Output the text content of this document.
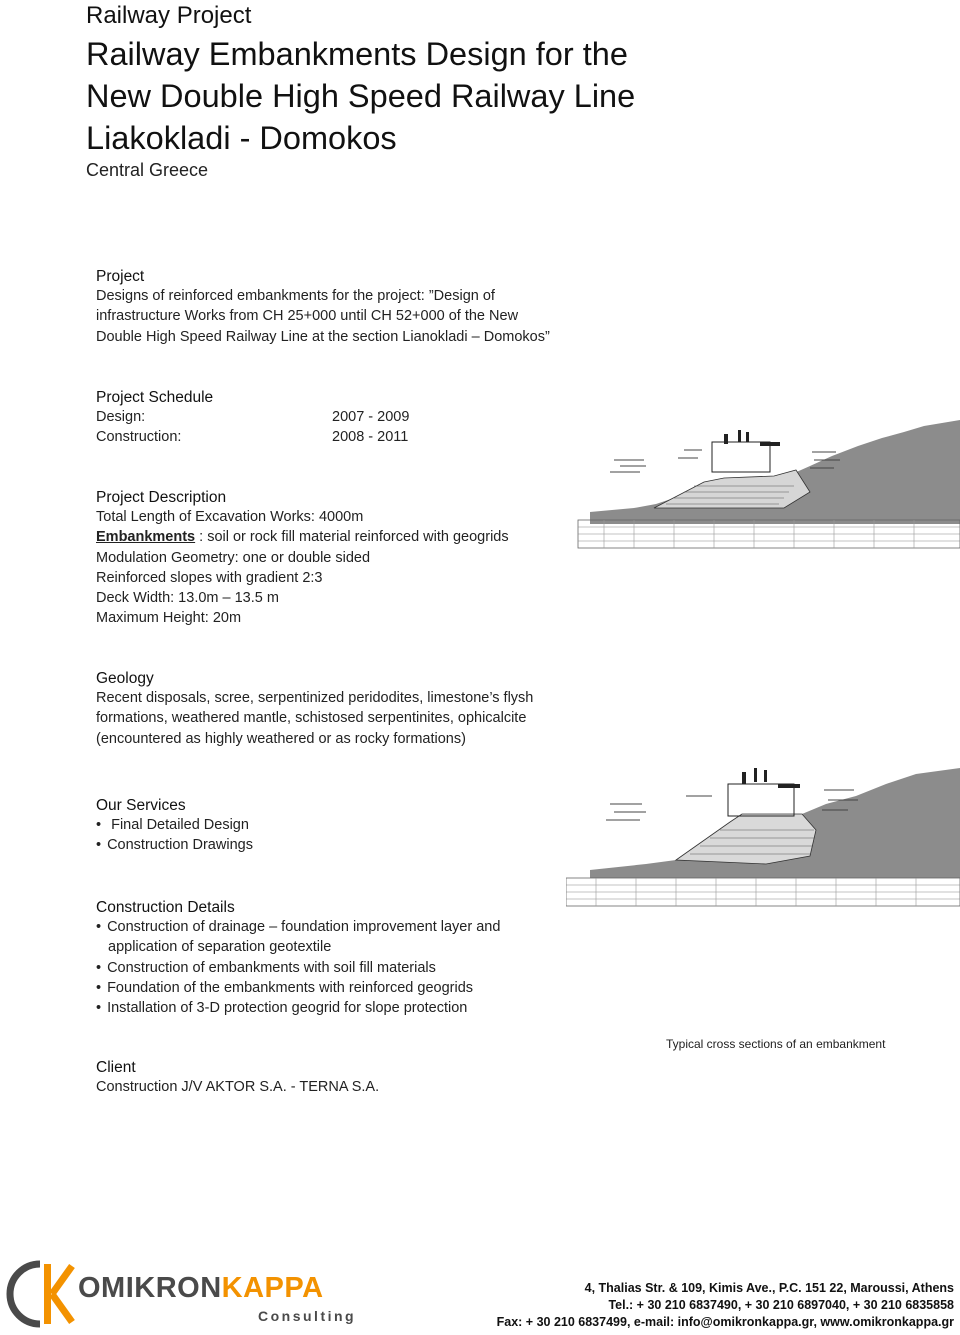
Railway Project
Railway Embankments Design for the
New Double High Speed Railway Line
Liakokladi - Domokos
Central Greece
Project
Designs of reinforced embankments for the project: ”Design of
infrastructure Works from CH 25+000 until CH 52+000 of the New
Double High Speed Railway Line at the section Lianokladi – Domokos”
Project Schedule
Design:	2007 - 2009
Construction:	2008 - 2011
Project Description
Total Length of Excavation Works: 4000m
Embankments : soil or rock fill material reinforced with geogrids
Modulation Geometry: one or double sided
Reinforced slopes with gradient 2:3
Deck Width: 13.0m – 13.5 m
Maximum Height: 20m
Geology
Recent disposals, scree, serpentinized peridodites, limestone’s flysh
formations, weathered mantle, schistosed serpentinites, ophicalcite
(encountered as highly weathered or as rocky formations)
Our Services
• Final Detailed Design
• Construction Drawings
Construction Details
• Construction of drainage – foundation improvement layer and
application of separation geotextile
• Construction of embankments with soil fill materials
• Foundation of the embankments with reinforced geogrids
• Installation of 3-D protection geogrid for slope protection
Client
Construction J/V AKTOR S.A. - TERNA S.A.
Typical cross sections of an embankment
OMIKRONKAPPA
Consulting
4, Thalias Str. & 109, Kimis Ave., P.C. 151 22, Maroussi, Athens
Tel.: + 30 210 6837490, + 30 210 6897040, + 30 210 6835858
Fax: + 30 210 6837499, e-mail: info@omikronkappa.gr, www.omikronkappa.gr
